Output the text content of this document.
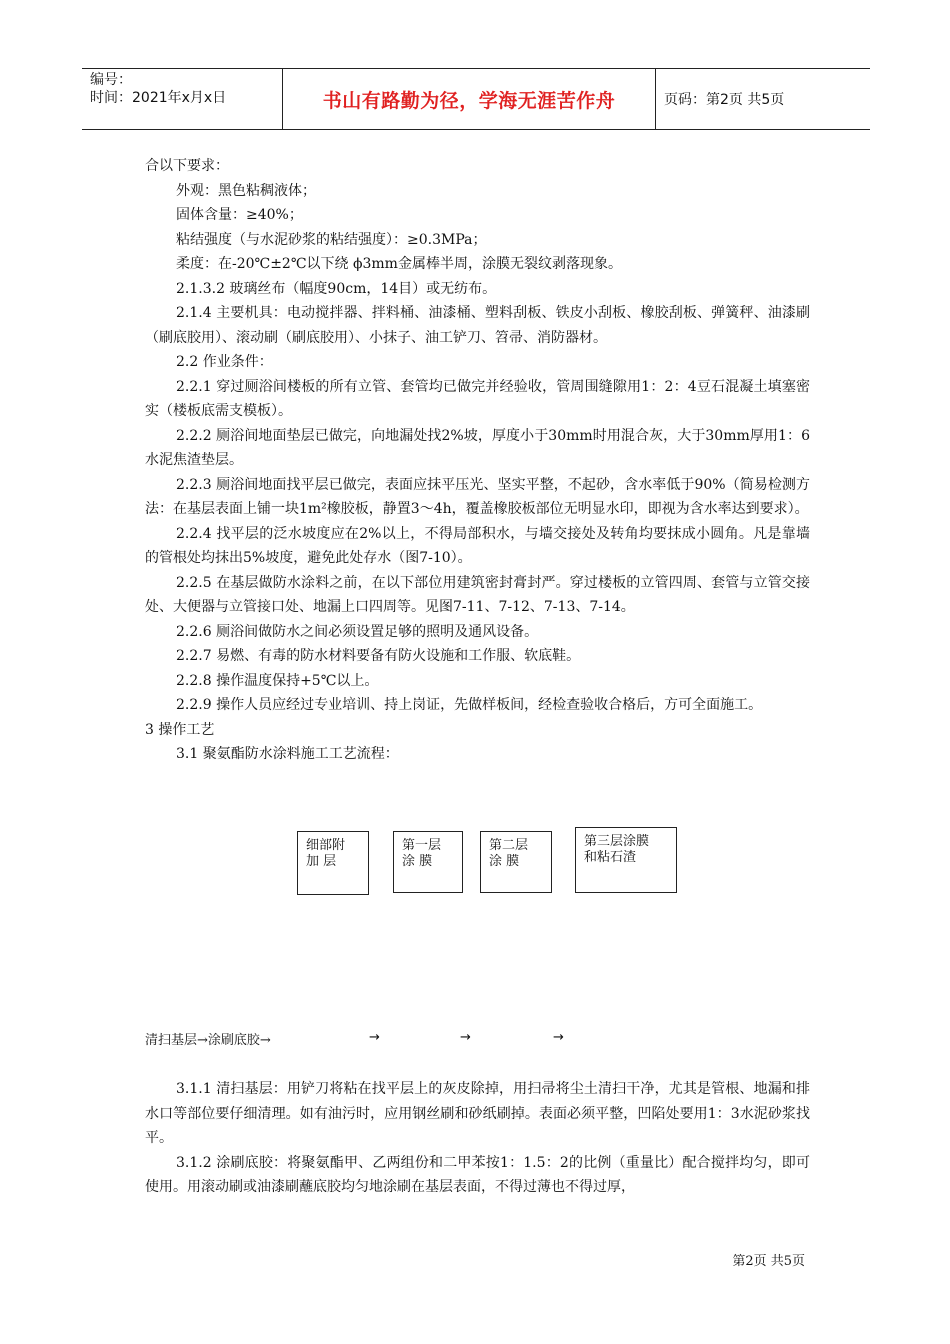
编号：
时间：2021年x月x日	书山有路勤为径，学海无涯苦作舟	页码：第2页 共5页

合以下要求：

外观：黑色粘稠液体；

固体含量：≥40%；

粘结强度（与水泥砂浆的粘结强度）：≥0.3MPa；

柔度：在-20℃±2℃以下绕 ϕ3mm金属棒半周，涂膜无裂纹剥落现象。

2.1.3.2 玻璃丝布（幅度90cm，14目）或无纺布。

2.1.4 主要机具：电动搅拌器、拌料桶、油漆桶、塑料刮板、铁皮小刮板、橡胶刮板、弹簧秤、油漆刷（刷底胶用）、滚动刷（刷底胶用）、小抹子、油工铲刀、笤帚、消防器材。

2.2 作业条件：

2.2.1 穿过厕浴间楼板的所有立管、套管均已做完并经验收，管周围缝隙用1：2：4豆石混凝土填塞密实（楼板底需支模板）。

2.2.2 厕浴间地面垫层已做完，向地漏处找2%坡，厚度小于30mm时用混合灰，大于30mm厚用1：6水泥焦渣垫层。

2.2.3 厕浴间地面找平层已做完，表面应抹平压光、坚实平整，不起砂，含水率低于90%（简易检测方法：在基层表面上铺一块1m²橡胶板，静置3～4h，覆盖橡胶板部位无明显水印，即视为含水率达到要求）。

2.2.4 找平层的泛水坡度应在2%以上，不得局部积水，与墙交接处及转角均要抹成小圆角。凡是靠墙的管根处均抹出5%坡度，避免此处存水（图7-10）。

2.2.5 在基层做防水涂料之前，在以下部位用建筑密封膏封严。穿过楼板的立管四周、套管与立管交接处、大便器与立管接口处、地漏上口四周等。见图7-11、7-12、7-13、7-14。

2.2.6 厕浴间做防水之间必须设置足够的照明及通风设备。

2.2.7 易燃、有毒的防水材料要备有防火设施和工作服、软底鞋。

2.2.8 操作温度保持+5℃以上。

2.2.9 操作人员应经过专业培训、持上岗证，先做样板间，经检查验收合格后，方可全面施工。

3 操作工艺

3.1 聚氨酯防水涂料施工工艺流程：

细部附
加 层
第一层
涂 膜
第二层
涂 膜
第三层涂膜
和粘石渣
清扫基层→涂刷底胶→	→	→	→

3.1.1 清扫基层：用铲刀将粘在找平层上的灰皮除掉，用扫帚将尘土清扫干净，尤其是管根、地漏和排水口等部位要仔细清理。如有油污时，应用钢丝刷和砂纸刷掉。表面必须平整，凹陷处要用1：3水泥砂浆找平。

3.1.2 涂刷底胶：将聚氨酯甲、乙两组份和二甲苯按1：1.5：2的比例（重量比）配合搅拌均匀，即可使用。用滚动刷或油漆刷蘸底胶均匀地涂刷在基层表面，不得过薄也不得过厚，

第2页 共5页
